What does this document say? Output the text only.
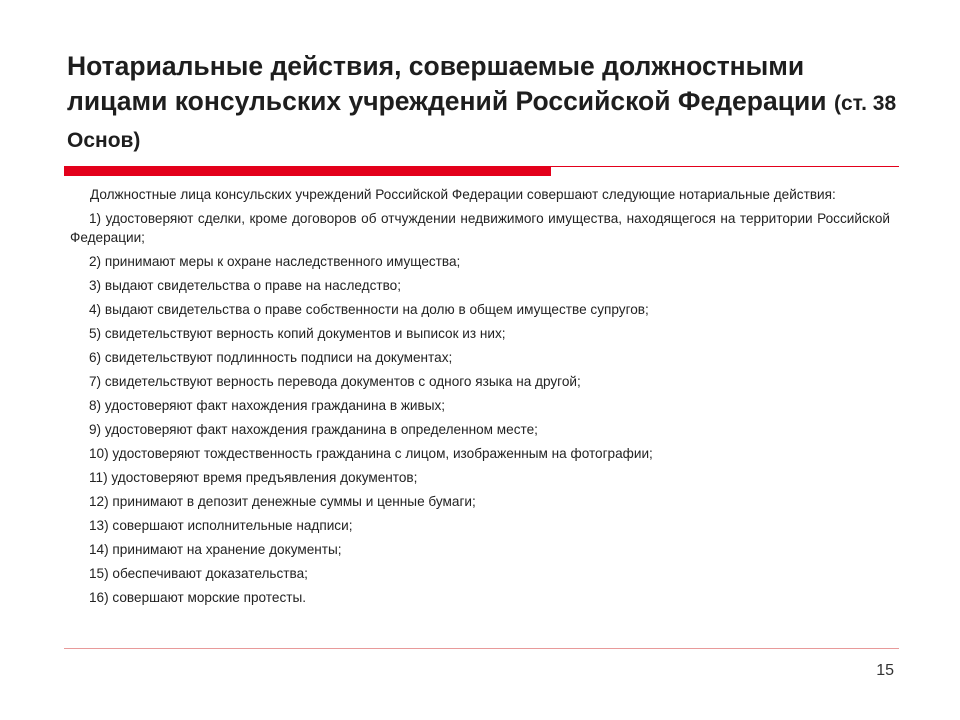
Нотариальные действия, совершаемые должностными лицами консульских учреждений Российской Федерации (ст. 38 Основ)

Должностные лица консульских учреждений Российской Федерации совершают следующие нотариальные действия:

1) удостоверяют сделки, кроме договоров об отчуждении недвижимого имущества, находящегося на территории Российской Федерации;

2) принимают меры к охране наследственного имущества;

3) выдают свидетельства о праве на наследство;

4) выдают свидетельства о праве собственности на долю в общем имуществе супругов;

5) свидетельствуют верность копий документов и выписок из них;

6) свидетельствуют подлинность подписи на документах;

7) свидетельствуют верность перевода документов с одного языка на другой;

8) удостоверяют факт нахождения гражданина в живых;

9) удостоверяют факт нахождения гражданина в определенном месте;

10) удостоверяют тождественность гражданина с лицом, изображенным на фотографии;

11) удостоверяют время предъявления документов;

12) принимают в депозит денежные суммы и ценные бумаги;

13) совершают исполнительные надписи;

14) принимают на хранение документы;

15) обеспечивают доказательства;

16) совершают морские протесты.

15
